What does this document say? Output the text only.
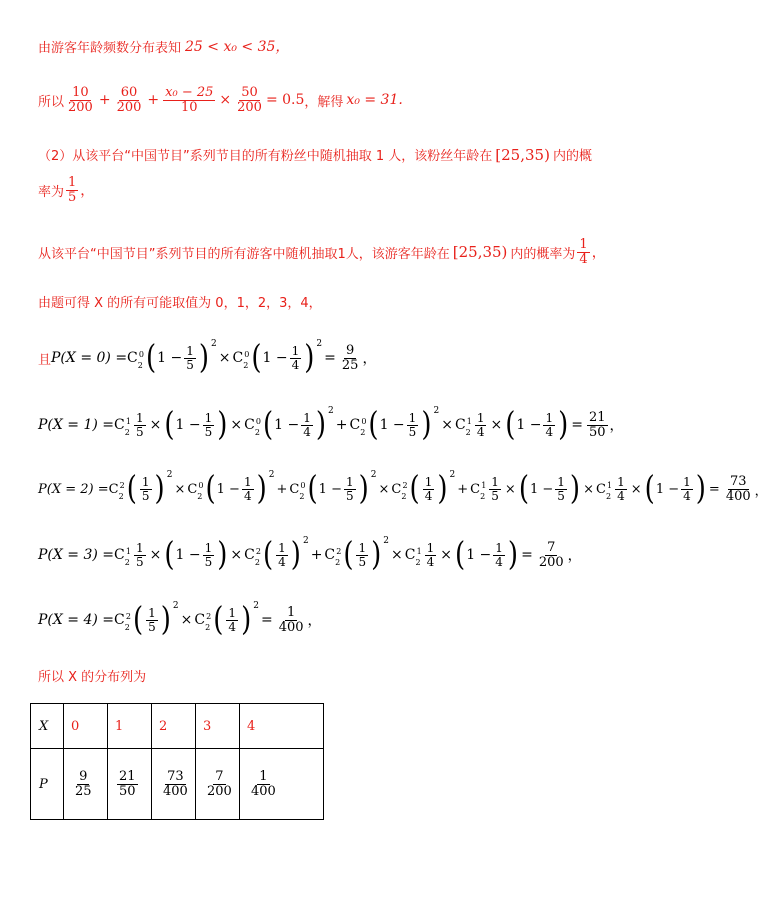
由游客年龄频数分布表知 25 < x₀ < 35，
所以 $\frac{10}{200} + \frac{60}{200} + \frac{\text{x₀ − 25}}{10} \times \frac{50}{200} = 0.5$ ，解得 x₀ = 31.
（2）从该平台“中国节目”系列节目的所有粉丝中随机抽取 1 人，该粉丝年龄在 [25,35) 内的概
率为 $\frac{1}{5}$ ，
从该平台“中国节目”系列节目的所有游客中随机抽取1人，该游客年龄在 [25,35) 内的概率为 $\frac{1}{4}$ ，
由题可得 X 的所有可能取值为 0，1，2，3，4，
且 P(X = 0) = C 2
0 ( $1 - \frac{1}{5}$ ) 2
× C 2
0 ( $1 - \frac{1}{4}$ ) 2
= $\frac{9}{25}$ ，
P(X = 1) = C 2
$1 \frac{1}{5}$ × ( $1 - \frac{1}{5}$ ) × C 2
0 ( $1 - \frac{1}{4}$ ) 2
+ C 2
0 ( $1 - \frac{1}{5}$ ) 2
× C 2
$1 \frac{1}{4}$ × ( $1 - \frac{1}{4}$ ) = $\frac{21}{50}$ ，
P(X = 2) = C 2
2 ( $\frac{1}{5}$ ) 2
× C 2
0 ( $1 - \frac{1}{4}$ ) 2
+ C 2
0 ( $1 - \frac{1}{5}$ ) 2
× C 2
2 ( $\frac{1}{4}$ ) 2
+ C 2
$1 \frac{1}{5}$ × ( $1 - \frac{1}{5}$ ) × C 2
$1 \frac{1}{4}$ × ( $1 - \frac{1}{4}$ ) = $\frac{73}{400}$ ，
P(X = 3) = C 2
$1 \frac{1}{5}$ × ( $1 - \frac{1}{5}$ ) × C 2
2 ( $\frac{1}{4}$ ) 2
+ C 2
2 ( $\frac{1}{5}$ ) 2
× C 2
$1 \frac{1}{4}$ × ( $1 - \frac{1}{4}$ ) = $\frac{7}{200}$ ，
P(X = 4) = C 2
2 ( $\frac{1}{5}$ ) 2
× C 2
2 ( $\frac{1}{4}$ ) 2
= $\frac{1}{400}$ ，
所以 X 的分布列为
X	0	1	2	3	4
P	$\frac{9}{25}$	$\frac{21}{50}$	$\frac{73}{400}$	$\frac{7}{200}$	$\frac{1}{400}$
